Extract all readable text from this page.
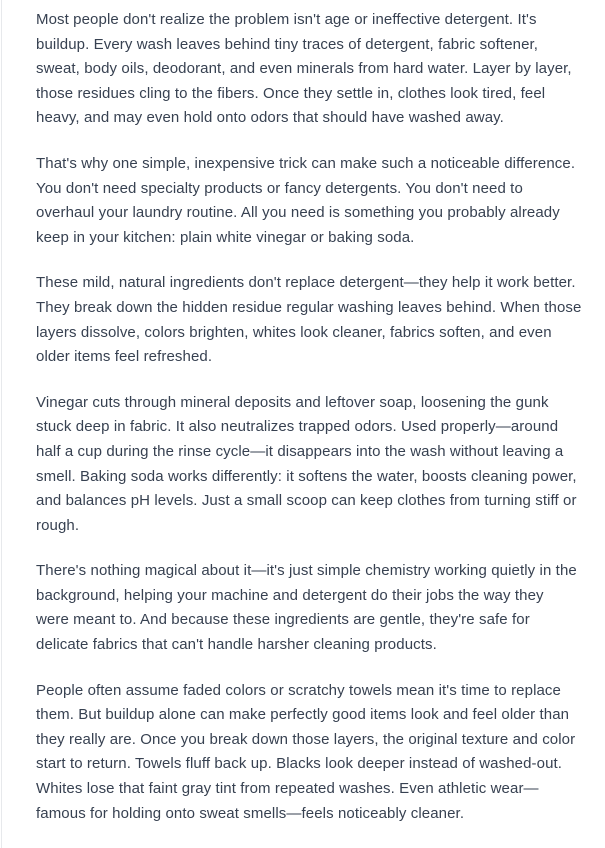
Most people don't realize the problem isn't age or ineffective detergent. It's
buildup. Every wash leaves behind tiny traces of detergent, fabric softener,
sweat, body oils, deodorant, and even minerals from hard water. Layer by layer,
those residues cling to the fibers. Once they settle in, clothes look tired, feel
heavy, and may even hold onto odors that should have washed away.
That's why one simple, inexpensive trick can make such a noticeable difference.
You don't need specialty products or fancy detergents. You don't need to
overhaul your laundry routine. All you need is something you probably already
keep in your kitchen: plain white vinegar or baking soda.
These mild, natural ingredients don't replace detergent—they help it work better.
They break down the hidden residue regular washing leaves behind. When those
layers dissolve, colors brighten, whites look cleaner, fabrics soften, and even
older items feel refreshed.
Vinegar cuts through mineral deposits and leftover soap, loosening the gunk
stuck deep in fabric. It also neutralizes trapped odors. Used properly—around
half a cup during the rinse cycle—it disappears into the wash without leaving a
smell. Baking soda works differently: it softens the water, boosts cleaning power,
and balances pH levels. Just a small scoop can keep clothes from turning stiff or
rough.
There's nothing magical about it—it's just simple chemistry working quietly in the
background, helping your machine and detergent do their jobs the way they
were meant to. And because these ingredients are gentle, they're safe for
delicate fabrics that can't handle harsher cleaning products.
People often assume faded colors or scratchy towels mean it's time to replace
them. But buildup alone can make perfectly good items look and feel older than
they really are. Once you break down those layers, the original texture and color
start to return. Towels fluff back up. Blacks look deeper instead of washed-out.
Whites lose that faint gray tint from repeated washes. Even athletic wear—
famous for holding onto sweat smells—feels noticeably cleaner.
